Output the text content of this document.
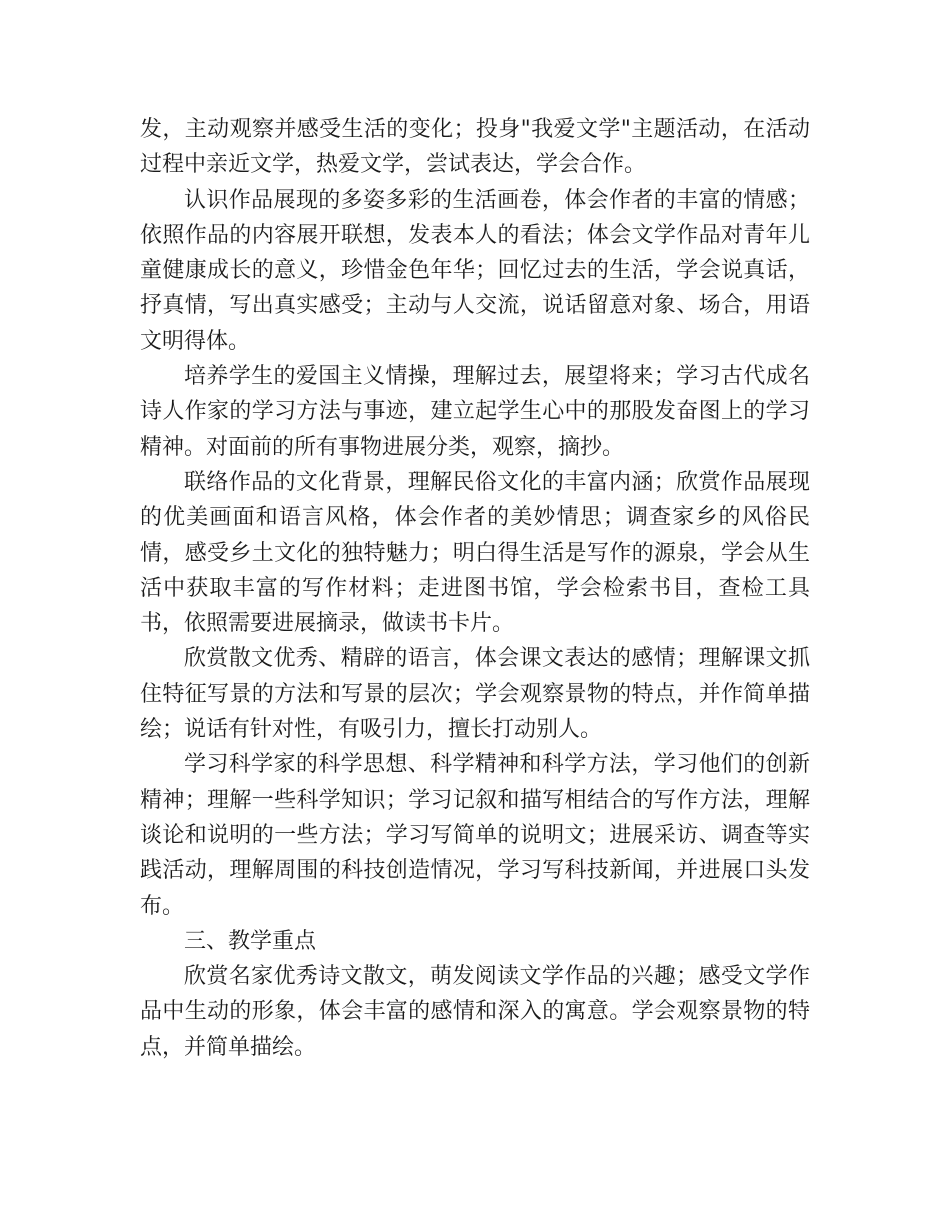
发，主动观察并感受生活的变化；投身"我爱文学"主题活动，在活动过程中亲近文学，热爱文学，尝试表达，学会合作。

认识作品展现的多姿多彩的生活画卷，体会作者的丰富的情感；依照作品的内容展开联想，发表本人的看法；体会文学作品对青年儿童健康成长的意义，珍惜金色年华；回忆过去的生活，学会说真话，抒真情，写出真实感受；主动与人交流，说话留意对象、场合，用语文明得体。

培养学生的爱国主义情操，理解过去，展望将来；学习古代成名诗人作家的学习方法与事迹，建立起学生心中的那股发奋图上的学习精神。对面前的所有事物进展分类，观察，摘抄。

联络作品的文化背景，理解民俗文化的丰富内涵；欣赏作品展现的优美画面和语言风格，体会作者的美妙情思；调查家乡的风俗民情，感受乡土文化的独特魅力；明白得生活是写作的源泉，学会从生活中获取丰富的写作材料；走进图书馆，学会检索书目，查检工具书，依照需要进展摘录，做读书卡片。

欣赏散文优秀、精辟的语言，体会课文表达的感情；理解课文抓住特征写景的方法和写景的层次；学会观察景物的特点，并作简单描绘；说话有针对性，有吸引力，擅长打动别人。

学习科学家的科学思想、科学精神和科学方法，学习他们的创新精神；理解一些科学知识；学习记叙和描写相结合的写作方法，理解谈论和说明的一些方法；学习写简单的说明文；进展采访、调查等实践活动，理解周围的科技创造情况，学习写科技新闻，并进展口头发布。

三、教学重点

欣赏名家优秀诗文散文，萌发阅读文学作品的兴趣；感受文学作品中生动的形象，体会丰富的感情和深入的寓意。学会观察景物的特点，并简单描绘。
